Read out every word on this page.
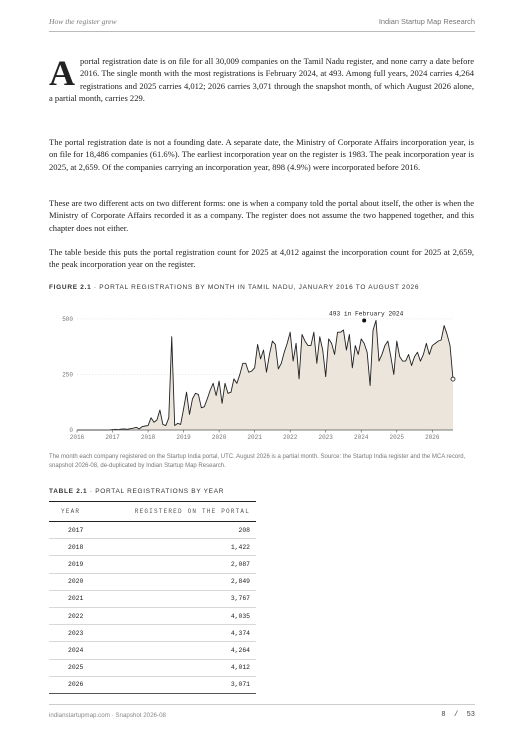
How the register grew	Indian Startup Map Research

Aportal registration date is on file for all 30,009 companies on the Tamil Nadu register, and none carry a date before 2016. The single month with the most registrations is February 2024, at 493. Among full years, 2024 carries 4,264 registrations and 2025 carries 4,012; 2026 carries 3,071 through the snapshot month, of which August 2026 alone, a partial month, carries 229.

The portal registration date is not a founding date. A separate date, the Ministry of Corporate Affairs incorporation year, is on file for 18,486 companies (61.6%). The earliest incorporation year on the register is 1983. The peak incorporation year is 2025, at 2,659. Of the companies carrying an incorporation year, 898 (4.9%) were incorporated before 2016.

These are two different acts on two different forms: one is when a company told the portal about itself, the other is when the Ministry of Corporate Affairs recorded it as a company. The register does not assume the two happened together, and this chapter does not either.

The table beside this puts the portal registration count for 2025 at 4,012 against the incorporation count for 2025 at 2,659, the peak incorporation year on the register.

FIGURE 2.1 · PORTAL REGISTRATIONS BY MONTH IN TAMIL NADU, JANUARY 2016 TO AUGUST 2026
0
250
500
2016	2017	2018	2019	2020	2021	2022	2023	2024	2025	2026
493 in February 2024
The month each company registered on the Startup India portal, UTC. August 2026 is a partial month. Source: the Startup India register and the MCA record, snapshot 2026-08, de-duplicated by Indian Startup Map Research.
TABLE 2.1 · PORTAL REGISTRATIONS BY YEAR
YEAR	REGISTERED ON THE PORTAL
2017	208
2018	1,422
2019	2,087
2020	2,849
2021	3,767
2022	4,035
2023	4,374
2024	4,264
2025	4,012
2026	3,071
indianstartupmap.com · Snapshot 2026-08	8 / 53
